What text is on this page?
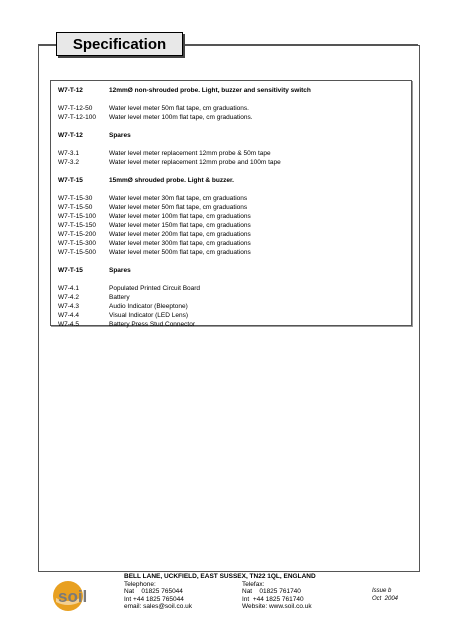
Specification
W7-T-12	12mmØ non-shrouded probe. Light, buzzer and sensitivity switch
W7-T-12-50	Water level meter 50m flat tape, cm graduations.
W7-T-12-100	Water level meter 100m flat tape, cm graduations.
W7-T-12	Spares
W7-3.1	Water level meter replacement 12mm probe & 50m tape
W7-3.2	Water level meter replacement 12mm probe and 100m tape
W7-T-15	15mmØ shrouded probe. Light & buzzer.
W7-T-15-30	Water level meter 30m flat tape, cm graduations
W7-T-15-50	Water level meter 50m flat tape, cm graduations
W7-T-15-100	Water level meter 100m flat tape, cm graduations
W7-T-15-150	Water level meter 150m flat tape, cm graduations
W7-T-15-200	Water level meter 200m flat tape, cm graduations
W7-T-15-300	Water level meter 300m flat tape, cm graduations
W7-T-15-500	Water level meter 500m flat tape, cm graduations
W7-T-15	Spares
W7-4.1	Populated Printed Circuit Board
W7-4.2	Battery
W7-4.3	Audio Indicator (Bleeptone)
W7-4.4	Visual Indicator (LED Lens)
W7-4.5	Battery Press Stud Connector
soil
BELL LANE, UCKFIELD, EAST SUSSEX, TN22 1QL, ENGLAND
Telephone:
Nat    01825 765044
Int +44 1825 765044
email: sales@soil.co.uk
Telefax:
Nat    01825 761740
Int  +44 1825 761740
Website: www.soil.co.uk
Issue b
Oct  2004
